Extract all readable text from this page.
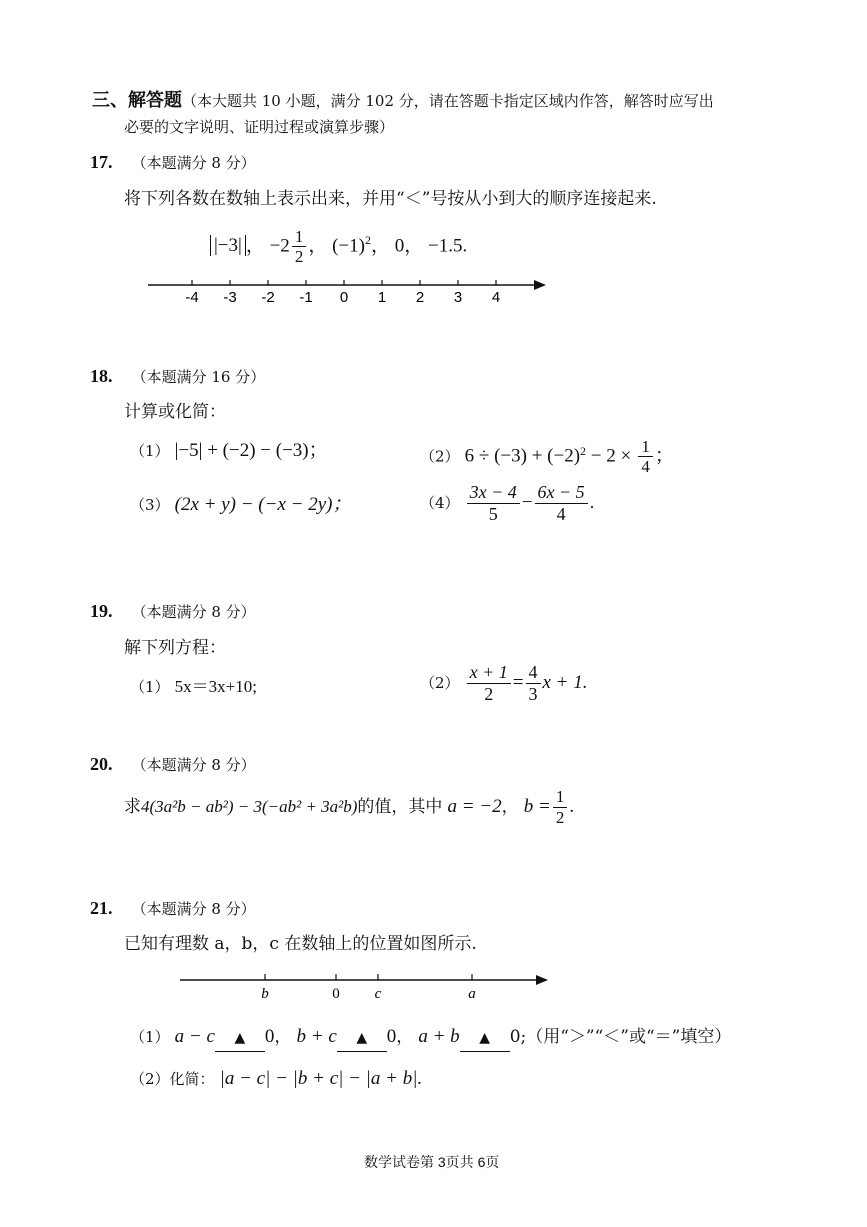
三、解答题（本大题共 10 小题，满分 102 分，请在答题卡指定区域内作答，解答时应写出
必要的文字说明、证明过程或演算步骤）
17. （本题满分 8 分）
将下列各数在数轴上表示出来，并用“＜”号按从小到大的顺序连接起来.
|−3| ， $-2 \frac{1}{2}$ ， $(-1)^2$， 0， −1.5.
-4 -3 -2 -1 0 1 2 3 4
18. （本题满分 16 分）
计算或化简：
（1） |−5| + (−2) − (−3)；	（2） $6 \div (-3) + (-2)^2 - 2 \times \frac{1}{4}$ ；
（3） (2x + y) − (−x − 2y)；	$(4) \frac{3x - 4}{5} - \frac{6x - 5}{4}$ .
19. （本题满分 8 分）
解下列方程：
（1） 5x＝3x+10;	$(2) \frac{x + 1}{2} = \frac{4}{3}$ x + 1.
20. （本题满分 8 分）
求4(3a²b − ab²) − 3(−ab² + 3a²b)的值，其中 a = −2， $b = \frac{1}{2}$ .
21. （本题满分 8 分）
已知有理数 a，b，c 在数轴上的位置如图所示.
b	0 c	a
（1） a − c ▲ 0， b + c ▲ 0， a + b ▲ 0;（用“＞”“＜”或“＝”填空）
（2）化简： |a − c| − |b + c| − |a + b|.
数学试卷第 3页共 6页
